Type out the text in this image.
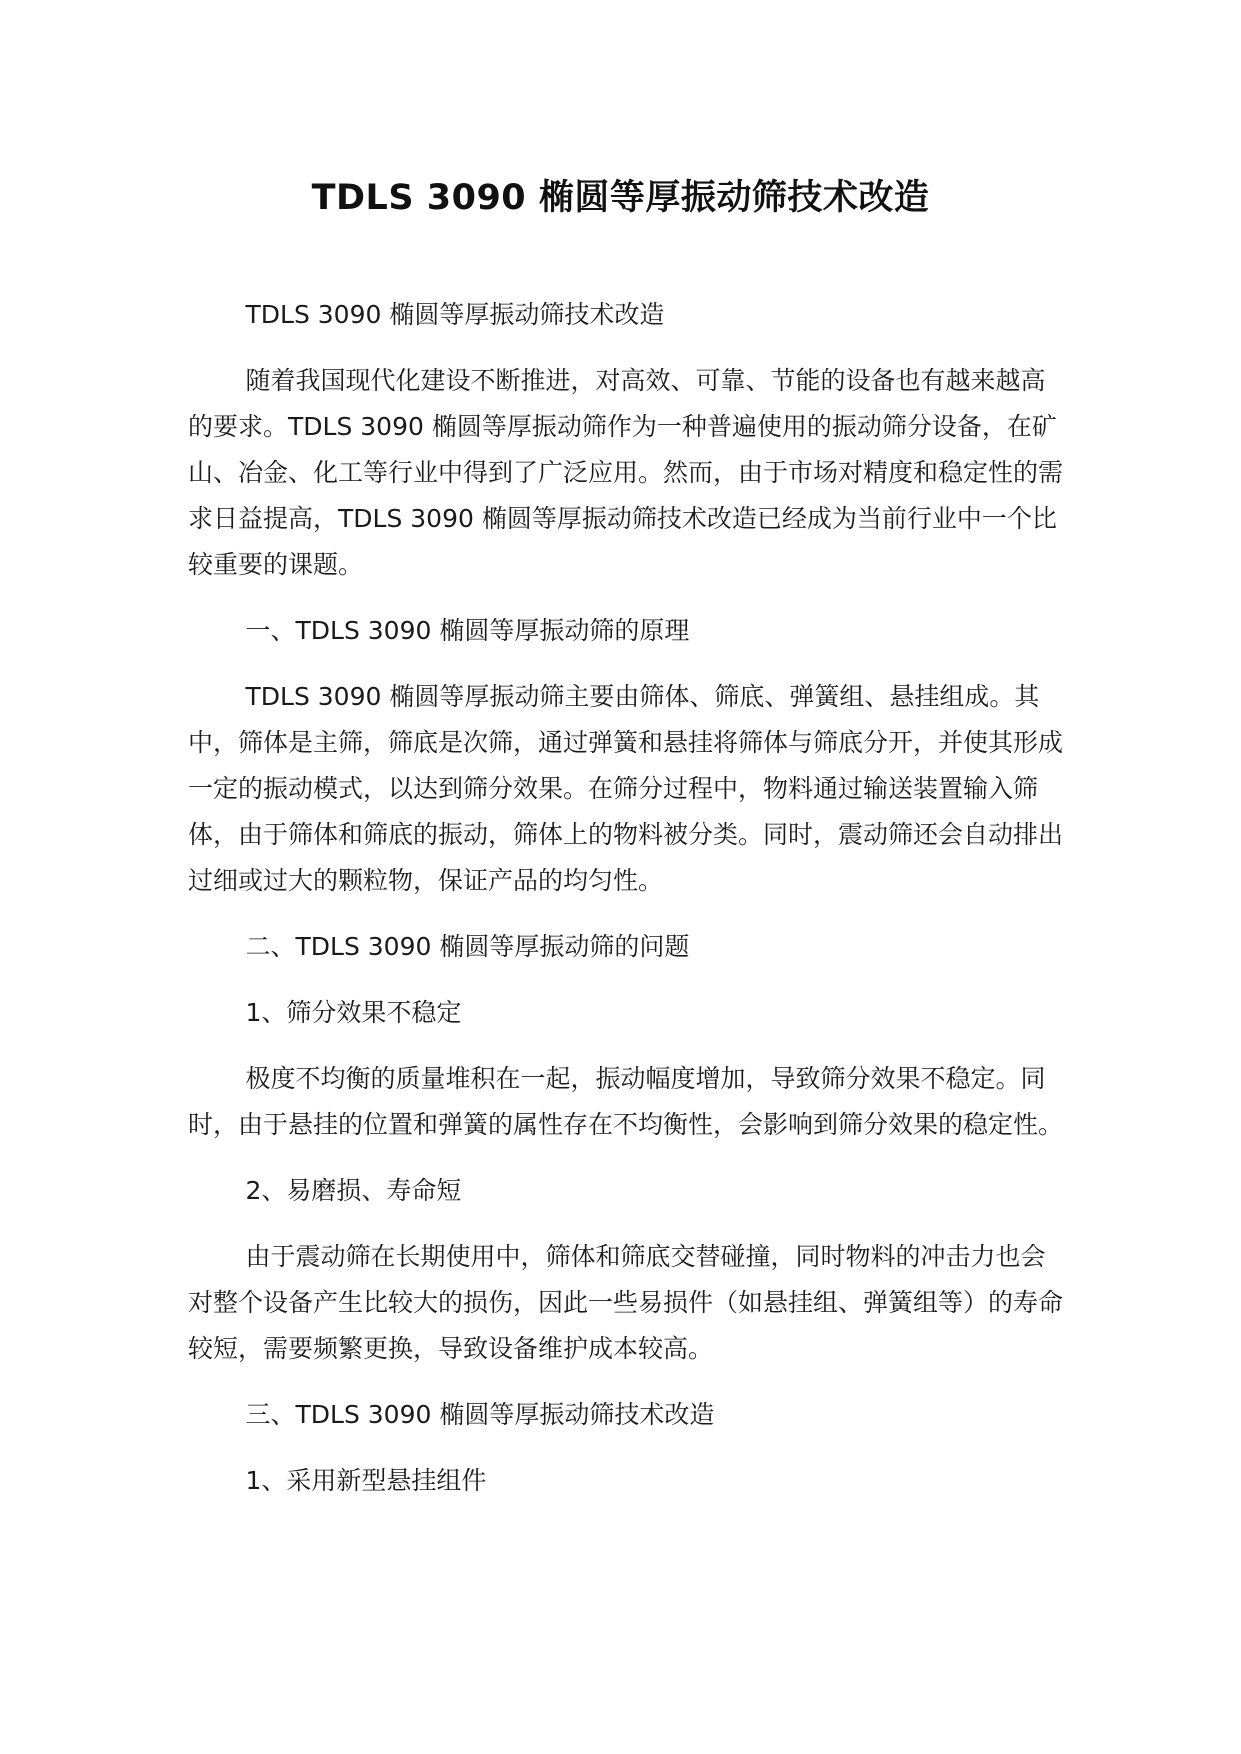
TDLS 3090 椭圆等厚振动筛技术改造

TDLS 3090 椭圆等厚振动筛技术改造

随着我国现代化建设不断推进，对高效、可靠、节能的设备也有越来越高的要求。TDLS 3090 椭圆等厚振动筛作为一种普遍使用的振动筛分设备，在矿山、冶金、化工等行业中得到了广泛应用。然而，由于市场对精度和稳定性的需求日益提高，TDLS 3090 椭圆等厚振动筛技术改造已经成为当前行业中一个比较重要的课题。

一、TDLS 3090 椭圆等厚振动筛的原理

TDLS 3090 椭圆等厚振动筛主要由筛体、筛底、弹簧组、悬挂组成。其中，筛体是主筛，筛底是次筛，通过弹簧和悬挂将筛体与筛底分开，并使其形成一定的振动模式，以达到筛分效果。在筛分过程中，物料通过输送装置输入筛体，由于筛体和筛底的振动，筛体上的物料被分类。同时，震动筛还会自动排出过细或过大的颗粒物，保证产品的均匀性。

二、TDLS 3090 椭圆等厚振动筛的问题

1、筛分效果不稳定

极度不均衡的质量堆积在一起，振动幅度增加，导致筛分效果不稳定。同时，由于悬挂的位置和弹簧的属性存在不均衡性，会影响到筛分效果的稳定性。

2、易磨损、寿命短

由于震动筛在长期使用中，筛体和筛底交替碰撞，同时物料的冲击力也会对整个设备产生比较大的损伤，因此一些易损件（如悬挂组、弹簧组等）的寿命较短，需要频繁更换，导致设备维护成本较高。

三、TDLS 3090 椭圆等厚振动筛技术改造

1、采用新型悬挂组件
